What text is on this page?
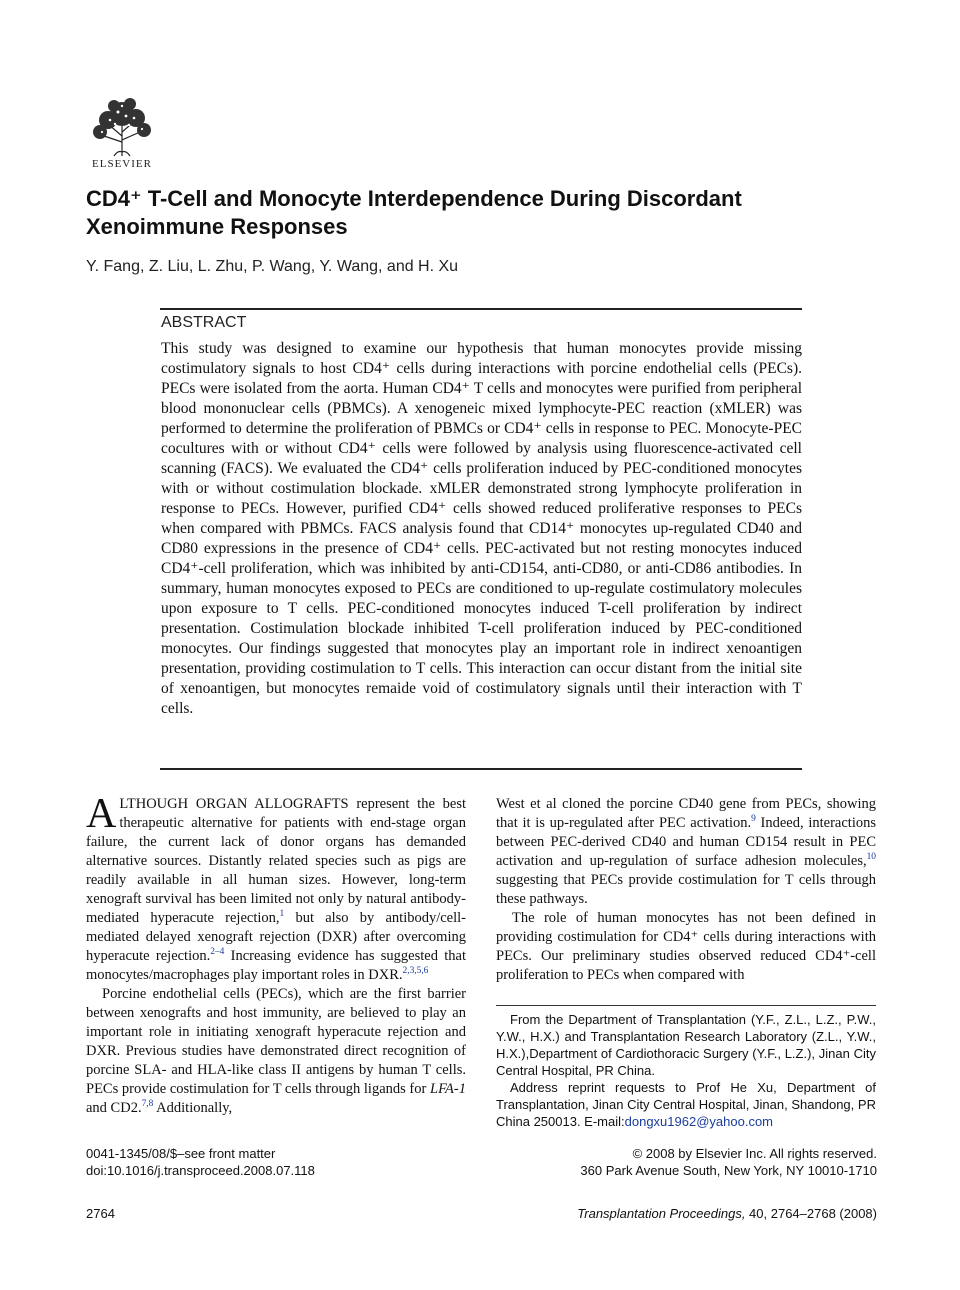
ELSEVIER
CD4⁺ T-Cell and Monocyte Interdependence During Discordant Xenoimmune Responses
Y. Fang, Z. Liu, L. Zhu, P. Wang, Y. Wang, and H. Xu
ABSTRACT
This study was designed to examine our hypothesis that human monocytes provide missing costimulatory signals to host CD4⁺ cells during interactions with porcine endothelial cells (PECs). PECs were isolated from the aorta. Human CD4⁺ T cells and monocytes were purified from peripheral blood mononuclear cells (PBMCs). A xenogeneic mixed lymphocyte-PEC reaction (xMLER) was performed to determine the proliferation of PBMCs or CD4⁺ cells in response to PEC. Monocyte-PEC cocultures with or without CD4⁺ cells were followed by analysis using fluorescence-activated cell scanning (FACS). We evaluated the CD4⁺ cells proliferation induced by PEC-conditioned monocytes with or without costimulation blockade. xMLER demonstrated strong lymphocyte proliferation in response to PECs. However, purified CD4⁺ cells showed reduced proliferative responses to PECs when compared with PBMCs. FACS analysis found that CD14⁺ monocytes up-regulated CD40 and CD80 expressions in the presence of CD4⁺ cells. PEC-activated but not resting monocytes induced CD4⁺-cell proliferation, which was inhibited by anti-CD154, anti-CD80, or anti-CD86 antibodies. In summary, human monocytes exposed to PECs are conditioned to up-regulate costimulatory molecules upon exposure to T cells. PEC-conditioned monocytes induced T-cell proliferation by indirect presentation. Costimulation blockade inhibited T-cell proliferation induced by PEC-conditioned monocytes. Our findings suggested that monocytes play an important role in indirect xenoantigen presentation, providing costimulation to T cells. This interaction can occur distant from the initial site of xenoantigen, but monocytes remaide void of costimulatory signals until their interaction with T cells.

ALTHOUGH ORGAN ALLOGRAFTS represent the best therapeutic alternative for patients with end-stage organ failure, the current lack of donor organs has demanded alternative sources. Distantly related species such as pigs are readily available in all human sizes. However, long-term xenograft survival has been limited not only by natural antibody-mediated hyperacute rejection,$^1$ but also by antibody/cell-mediated delayed xenograft rejection (DXR) after overcoming hyperacute rejection.$^{2-4}$ Increasing evidence has suggested that monocytes/macrophages play important roles in DXR.$^{2,3,5,6}$

Porcine endothelial cells (PECs), which are the first barrier between xenografts and host immunity, are believed to play an important role in initiating xenograft hyperacute rejection and DXR. Previous studies have demonstrated direct recognition of porcine SLA- and HLA-like class II antigens by human T cells. PECs provide costimulation for T cells through ligands for LFA-1 and CD2.$^{7,8}$ Additionally,

West et al cloned the porcine CD40 gene from PECs, showing that it is up-regulated after PEC activation.$^9$ Indeed, interactions between PEC-derived CD40 and human CD154 result in PEC activation and up-regulation of surface adhesion molecules,$^{10}$ suggesting that PECs provide costimulation for T cells through these pathways.

The role of human monocytes has not been defined in providing costimulation for CD4⁺ cells during interactions with PECs. Our preliminary studies observed reduced CD4⁺-cell proliferation to PECs when compared with

From the Department of Transplantation (Y.F., Z.L., L.Z., P.W., Y.W., H.X.) and Transplantation Research Laboratory (Z.L., Y.W., H.X.),Department of Cardiothoracic Surgery (Y.F., L.Z.), Jinan City Central Hospital, PR China.

Address reprint requests to Prof He Xu, Department of Transplantation, Jinan City Central Hospital, Jinan, Shandong, PR China 250013. E-mail:dongxu1962@yahoo.com

0041-1345/08/$–see front matter
doi:10.1016/j.transproceed.2008.07.118
© 2008 by Elsevier Inc. All rights reserved.
360 Park Avenue South, New York, NY 10010-1710
2764	Transplantation Proceedings, 40, 2764–2768 (2008)
